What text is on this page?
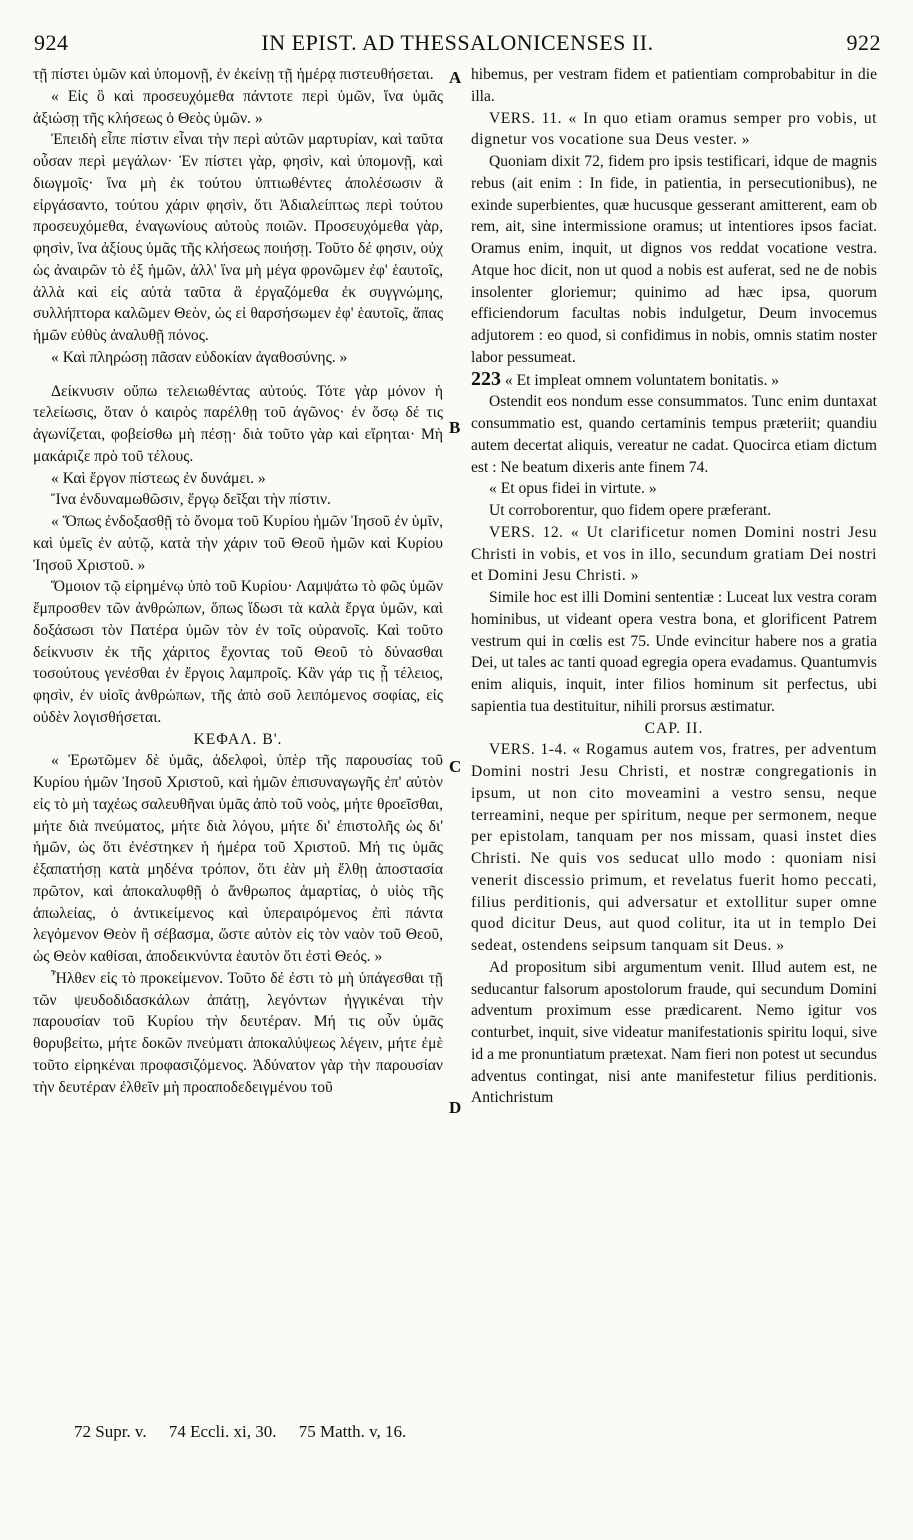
924	IN EPIST. AD THESSALONICENSES II.	922

τῇ πίστει ὑμῶν καὶ ὑπομονῇ, ἐν ἐκείνῃ τῇ ἡμέρᾳ πιστευθήσεται.

« Εἰς ὃ καὶ προσευχόμεθα πάντοτε περὶ ὑμῶν, ἵνα ὑμᾶς ἀξιώσῃ τῆς κλήσεως ὁ Θεὸς ὑμῶν. »

Ἐπειδὴ εἶπε πίστιν εἶναι τὴν περὶ αὐτῶν μαρτυρίαν, καὶ ταῦτα οὖσαν περὶ μεγάλων· Ἐν πίστει γὰρ, φησὶν, καὶ ὑπομονῇ, καὶ διωγμοῖς· ἵνα μὴ ἐκ τούτου ὑπτιωθέντες ἀπολέσωσιν ἃ εἰργάσαντο, τούτου χάριν φησὶν, ὅτι Ἀδιαλείπτως περὶ τούτου προσευχόμεθα, ἐναγωνίους αὐτοὺς ποιῶν. Προσευχόμεθα γὰρ, φησὶν, ἵνα ἀξίους ὑμᾶς τῆς κλήσεως ποιήσῃ. Τοῦτο δέ φησιν, οὐχ ὡς ἀναιρῶν τὸ ἐξ ἡμῶν, ἀλλ' ἵνα μὴ μέγα φρονῶμεν ἐφ' ἑαυτοῖς, ἀλλὰ καὶ εἰς αὐτὰ ταῦτα ἃ ἐργαζόμεθα ἐκ συγγνώμης, συλλήπτορα καλῶμεν Θεὸν, ὡς εἰ θαρσήσωμεν ἐφ' ἑαυτοῖς, ἅπας ἡμῶν εὐθὺς ἀναλυθῇ πόνος.

« Καὶ πληρώσῃ πᾶσαν εὐδοκίαν ἀγαθοσύνης. »

Δείκνυσιν οὔπω τελειωθέντας αὐτούς. Τότε γὰρ μόνον ἡ τελείωσις, ὅταν ὁ καιρὸς παρέλθῃ τοῦ ἀγῶνος· ἐν ὅσῳ δέ τις ἀγωνίζεται, φοβείσθω μὴ πέσῃ· διὰ τοῦτο γὰρ καὶ εἴρηται· Μὴ μακάριζε πρὸ τοῦ τέλους.

« Καὶ ἔργον πίστεως ἐν δυνάμει. »

Ἵνα ἐνδυναμωθῶσιν, ἔργῳ δεῖξαι τὴν πίστιν.

« Ὅπως ἐνδοξασθῇ τὸ ὄνομα τοῦ Κυρίου ἡμῶν Ἰησοῦ ἐν ὑμῖν, καὶ ὑμεῖς ἐν αὐτῷ, κατὰ τὴν χάριν τοῦ Θεοῦ ἡμῶν καὶ Κυρίου Ἰησοῦ Χριστοῦ. »

Ὅμοιον τῷ εἰρημένῳ ὑπὸ τοῦ Κυρίου· Λαμψάτω τὸ φῶς ὑμῶν ἔμπροσθεν τῶν ἀνθρώπων, ὅπως ἴδωσι τὰ καλὰ ἔργα ὑμῶν, καὶ δοξάσωσι τὸν Πατέρα ὑμῶν τὸν ἐν τοῖς οὐρανοῖς. Καὶ τοῦτο δείκνυσιν ἐκ τῆς χάριτος ἔχοντας τοῦ Θεοῦ τὸ δύνασθαι τοσούτους γενέσθαι ἐν ἔργοις λαμπροῖς. Κἂν γάρ τις ᾖ τέλειος, φησὶν, ἐν υἱοῖς ἀνθρώπων, τῆς ἀπὸ σοῦ λειπόμενος σοφίας, εἰς οὐδὲν λογισθήσεται.

ΚΕΦΑΛ. Β'.

« Ἐρωτῶμεν δὲ ὑμᾶς, ἀδελφοὶ, ὑπὲρ τῆς παρουσίας τοῦ Κυρίου ἡμῶν Ἰησοῦ Χριστοῦ, καὶ ἡμῶν ἐπισυναγωγῆς ἐπ' αὐτὸν εἰς τὸ μὴ ταχέως σαλευθῆναι ὑμᾶς ἀπὸ τοῦ νοὸς, μήτε θροεῖσθαι, μήτε διὰ πνεύματος, μήτε διὰ λόγου, μήτε δι' ἐπιστολῆς ὡς δι' ἡμῶν, ὡς ὅτι ἐνέστηκεν ἡ ἡμέρα τοῦ Χριστοῦ. Μή τις ὑμᾶς ἐξαπατήσῃ κατὰ μηδένα τρόπον, ὅτι ἐὰν μὴ ἔλθῃ ἀποστασία πρῶτον, καὶ ἀποκαλυφθῇ ὁ ἄνθρωπος ἁμαρτίας, ὁ υἱὸς τῆς ἀπωλείας, ὁ ἀντικείμενος καὶ ὑπεραιρόμενος ἐπὶ πάντα λεγόμενον Θεὸν ἢ σέβασμα, ὥστε αὐτὸν εἰς τὸν ναὸν τοῦ Θεοῦ, ὡς Θεὸν καθίσαι, ἀποδεικνύντα ἑαυτὸν ὅτι ἐστὶ Θεός. »

Ἦλθεν εἰς τὸ προκείμενον. Τοῦτο δέ ἐστι τὸ μὴ ὑπάγεσθαι τῇ τῶν ψευδοδιδασκάλων ἀπάτῃ, λεγόντων ἠγγικέναι τὴν παρουσίαν τοῦ Κυρίου τὴν δευτέραν. Μή τις οὖν ὑμᾶς θορυβείτω, μήτε δοκῶν πνεύματι ἀποκαλύψεως λέγειν, μήτε ἐμὲ τοῦτο εἰρηκέναι προφασιζόμενος. Ἀδύνατον γὰρ τὴν παρουσίαν τὴν δευτέραν ἐλθεῖν μὴ προαποδεδειγμένου τοῦ

hibemus, per vestram fidem et patientiam comprobabitur in die illa.

VERS. 11. « In quo etiam oramus semper pro vobis, ut dignetur vos vocatione sua Deus vester. »

Quoniam dixit 72, fidem pro ipsis testificari, idque de magnis rebus (ait enim : In fide, in patientia, in persecutionibus), ne exinde superbientes, quæ hucusque gesserant amitterent, eam ob rem, ait, sine intermissione oramus; ut intentiores ipsos faciat. Oramus enim, inquit, ut dignos vos reddat vocatione vestra. Atque hoc dicit, non ut quod a nobis est auferat, sed ne de nobis insolenter gloriemur; quinimo ad hæc ipsa, quorum efficiendorum facultas nobis indulgetur, Deum invocemus adjutorem : eo quod, si confidimus in nobis, omnis statim noster labor pessumeat.

223 « Et impleat omnem voluntatem bonitatis. »

Ostendit eos nondum esse consummatos. Tunc enim duntaxat consummatio est, quando certaminis tempus præteriit; quandiu autem decertat aliquis, vereatur ne cadat. Quocirca etiam dictum est : Ne beatum dixeris ante finem 74.

« Et opus fidei in virtute. »

Ut corroborentur, quo fidem opere præferant.

VERS. 12. « Ut clarificetur nomen Domini nostri Jesu Christi in vobis, et vos in illo, secundum gratiam Dei nostri et Domini Jesu Christi. »

Simile hoc est illi Domini sententiæ : Luceat lux vestra coram hominibus, ut videant opera vestra bona, et glorificent Patrem vestrum qui in cœlis est 75. Unde evincitur habere nos a gratia Dei, ut tales ac tanti quoad egregia opera evadamus. Quantumvis enim aliquis, inquit, inter filios hominum sit perfectus, ubi sapientia tua destituitur, nihili prorsus æstimatur.

CAP. II.

VERS. 1-4. « Rogamus autem vos, fratres, per adventum Domini nostri Jesu Christi, et nostræ congregationis in ipsum, ut non cito moveamini a vestro sensu, neque terreamini, neque per spiritum, neque per sermonem, neque per epistolam, tanquam per nos missam, quasi instet dies Christi. Ne quis vos seducat ullo modo : quoniam nisi venerit discessio primum, et revelatus fuerit homo peccati, filius perditionis, qui adversatur et extollitur super omne quod dicitur Deus, aut quod colitur, ita ut in templo Dei sedeat, ostendens seipsum tanquam sit Deus. »

Ad propositum sibi argumentum venit. Illud autem est, ne seducantur falsorum apostolorum fraude, qui secundum Domini adventum proximum esse prædicarent. Nemo igitur vos conturbet, inquit, sive videatur manifestationis spiritu loqui, sive id a me pronuntiatum prætexat. Nam fieri non potest ut secundus adventus contingat, nisi ante manifestetur filius perditionis. Antichristum

A
B
C
D
72 Supr. v. 74 Eccli. xi, 30. 75 Matth. v, 16.
